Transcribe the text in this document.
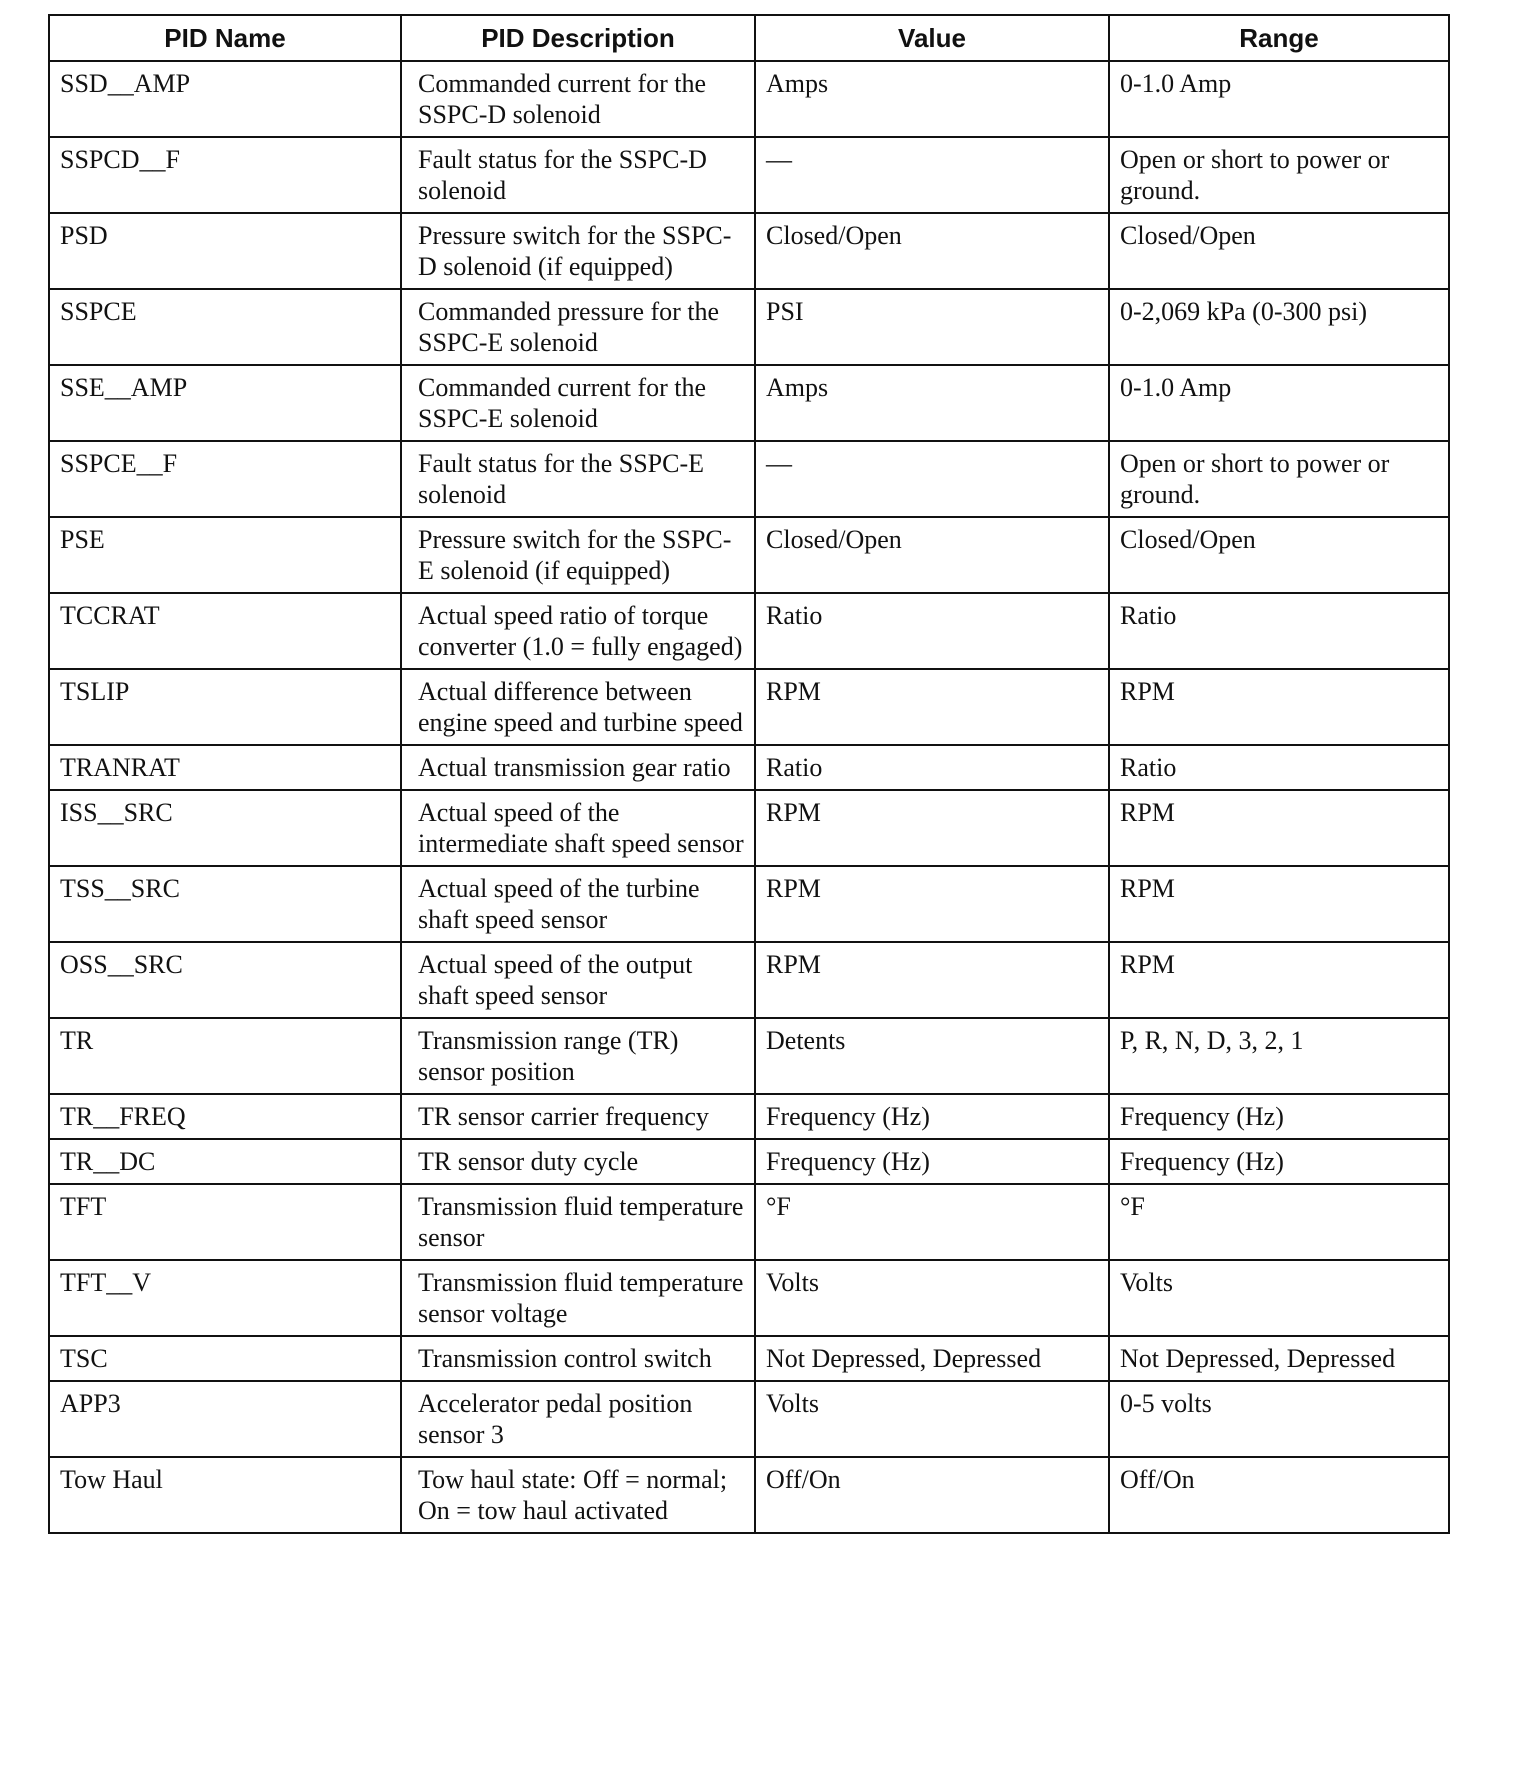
PID Name	PID Description	Value	Range
SSD__AMP	Commanded current for the SSPC-D solenoid	Amps	0-1.0 Amp
SSPCD__F	Fault status for the SSPC-D solenoid	—	Open or short to power or ground.
PSD	Pressure switch for the SSPC-D solenoid (if equipped)	Closed/Open	Closed/Open
SSPCE	Commanded pressure for the SSPC-E solenoid	PSI	0-2,069 kPa (0-300 psi)
SSE__AMP	Commanded current for the SSPC-E solenoid	Amps	0-1.0 Amp
SSPCE__F	Fault status for the SSPC-E solenoid	—	Open or short to power or ground.
PSE	Pressure switch for the SSPC-E solenoid (if equipped)	Closed/Open	Closed/Open
TCCRAT	Actual speed ratio of torque converter (1.0 = fully engaged)	Ratio	Ratio
TSLIP	Actual difference between engine speed and turbine speed	RPM	RPM
TRANRAT	Actual transmission gear ratio	Ratio	Ratio
ISS__SRC	Actual speed of the intermediate shaft speed sensor	RPM	RPM
TSS__SRC	Actual speed of the turbine shaft speed sensor	RPM	RPM
OSS__SRC	Actual speed of the output shaft speed sensor	RPM	RPM
TR	Transmission range (TR) sensor position	Detents	P, R, N, D, 3, 2, 1
TR__FREQ	TR sensor carrier frequency	Frequency (Hz)	Frequency (Hz)
TR__DC	TR sensor duty cycle	Frequency (Hz)	Frequency (Hz)
TFT	Transmission fluid temperature sensor	°F	°F
TFT__V	Transmission fluid temperature sensor voltage	Volts	Volts
TSC	Transmission control switch	Not Depressed, Depressed	Not Depressed, Depressed
APP3	Accelerator pedal position sensor 3	Volts	0-5 volts
Tow Haul	Tow haul state: Off = normal; On = tow haul activated	Off/On	Off/On
